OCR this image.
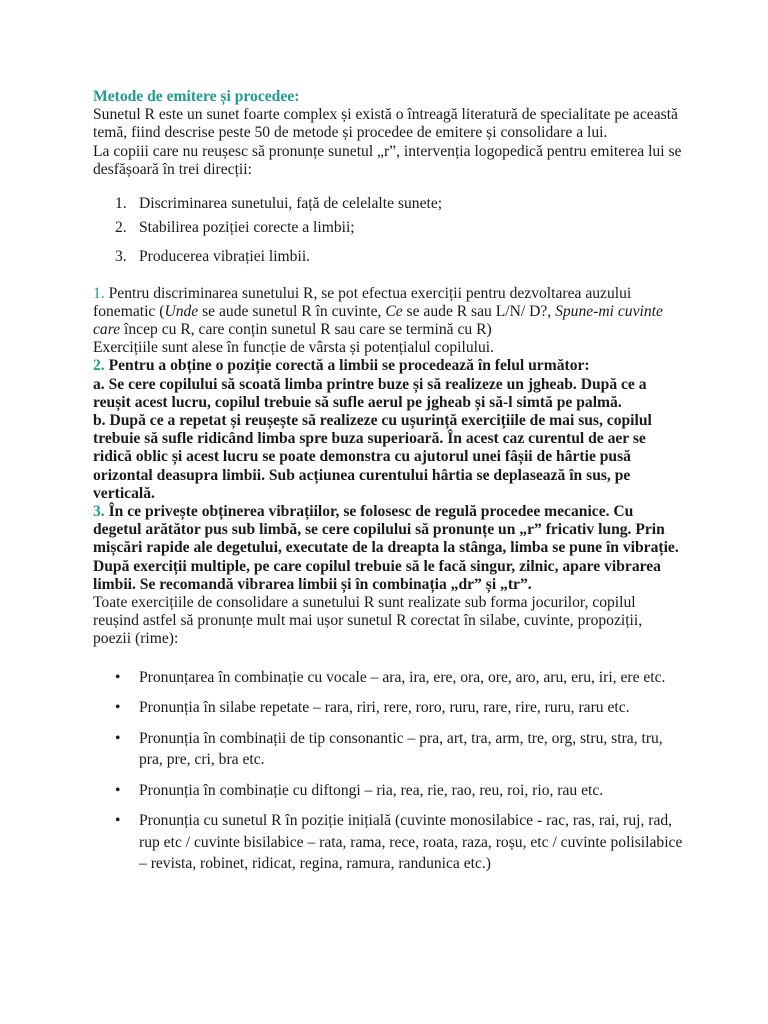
Metode de emitere și procedee:

Sunetul R este un sunet foarte complex și există o întreagă literatură de specialitate pe această temă, fiind descrise peste 50 de metode și procedee de emitere și consolidare a lui.

La copiii care nu reușesc să pronunțe sunetul „r”, intervenția logopedică pentru emiterea lui se desfășoară în trei direcții:

1. Discriminarea sunetului, față de celelalte sunete;
2. Stabilirea poziției corecte a limbii;
3. Producerea vibrației limbii.

1. Pentru discriminarea sunetului R, se pot efectua exerciții pentru dezvoltarea auzului fonematic (Unde se aude sunetul R în cuvinte, Ce se aude R sau L/N/ D?, Spune-mi cuvinte care încep cu R, care conțin sunetul R sau care se termină cu R)

Exercițiile sunt alese în funcție de vârsta și potențialul copilului.

2. Pentru a obține o poziție corectă a limbii se procedează în felul următor:

a. Se cere copilului să scoată limba printre buze și să realizeze un jgheab. După ce a reușit acest lucru, copilul trebuie să sufle aerul pe jgheab și să-l simtă pe palmă.

b. După ce a repetat și reușește să realizeze cu ușurință exercițiile de mai sus, copilul trebuie să sufle ridicând limba spre buza superioară. În acest caz curentul de aer se ridică oblic și acest lucru se poate demonstra cu ajutorul unei fâșii de hârtie pusă orizontal deasupra limbii. Sub acțiunea curentului hârtia se deplasează în sus, pe verticală.

3. În ce privește obținerea vibrațiilor, se folosesc de regulă procedee mecanice. Cu degetul arătător pus sub limbă, se cere copilului să pronunțe un „r” fricativ lung. Prin mișcări rapide ale degetului, executate de la dreapta la stânga, limba se pune în vibrație. După exerciții multiple, pe care copilul trebuie să le facă singur, zilnic, apare vibrarea limbii. Se recomandă vibrarea limbii și în combinația „dr” și „tr”.

Toate exercițiile de consolidare a sunetului R sunt realizate sub forma jocurilor, copilul reușind astfel să pronunțe mult mai ușor sunetul R corectat în silabe, cuvinte, propoziții, poezii (rime):

• Pronunțarea în combinație cu vocale – ara, ira, ere, ora, ore, aro, aru, eru, iri, ere etc.
• Pronunția în silabe repetate – rara, riri, rere, roro, ruru, rare, rire, ruru, raru etc.
• Pronunția în combinații de tip consonantic – pra, art, tra, arm, tre, org, stru, stra, tru, pra, pre, cri, bra etc.
• Pronunția în combinație cu diftongi – ria, rea, rie, rao, reu, roi, rio, rau etc.
• Pronunția cu sunetul R în poziție inițială (cuvinte monosilabice - rac, ras, rai, ruj, rad, rup etc / cuvinte bisilabice – rata, rama, rece, roata, raza, roșu, etc / cuvinte polisilabice – revista, robinet, ridicat, regina, ramura, randunica etc.)
